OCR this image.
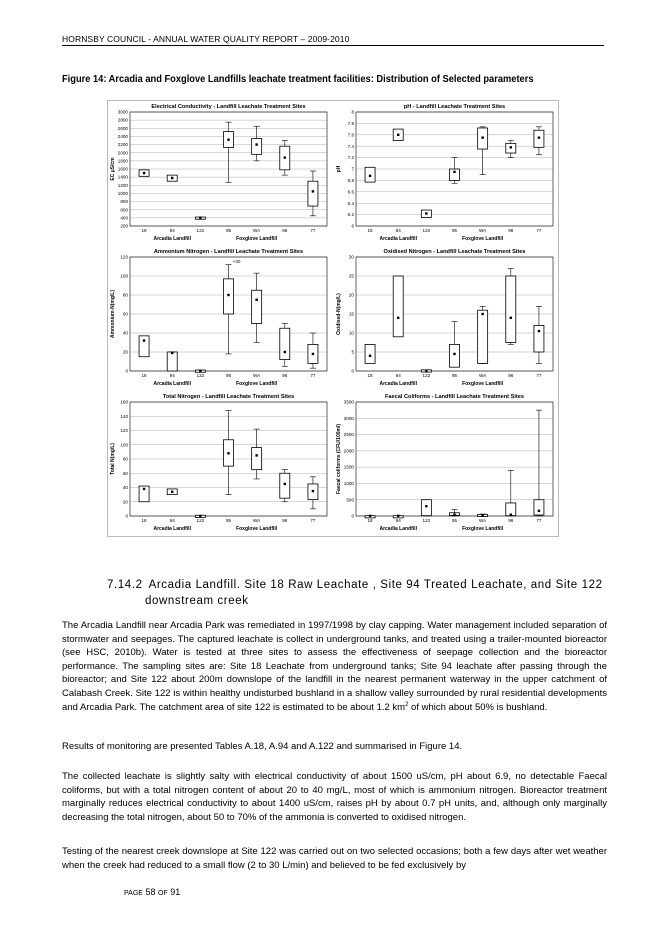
HORNSBY COUNCIL - ANNUAL WATER QUALITY REPORT – 2009-2010
Figure 14: Arcadia and Foxglove Landfills leachate treatment facilities: Distribution of Selected parameters
Electrical Conductivity - Landfill Leachate Treatment Sites
200
400
600
800
1000
1200
1400
1600
1800
2000
2200
2400
2600
2800
3000
EC µS/cm
18	94	122	95	WA	96	77
Arcadia Landfill	Foxglove Landfill
pH - Landfill Leachate Treatment Sites
6
6.2
6.4
6.6
6.8
7
7.2
7.4
7.6
7.8
8
pH
18	94	122	95	WA	96	77
Arcadia Landfill	Foxglove Landfill
Ammonium Nitrogen - Landfill Leachate Treatment Sites
0
20
40
60
80
100
120
Ammonium-N(mg/L)
18	94	122	95	WA	96	77
+30
Arcadia Landfill	Foxglove Landfill
Oxidised Nitrogen - Landfill Leachate Treatment Sites
0
5
10
15
20
25
30
Oxidised-N(mg/L)
18	94	122	95	WA	96	77
Arcadia Landfill	Foxglove Landfill
Total Nitrogen - Landfill Leachate Treatment Sites
0
20
40
60
80
100
120
140
160
Total N(mg/L)
18	94	122	95	WA	96	77
Arcadia Landfill	Foxglove Landfill
Faecal Coliforms - Landfill Leachate Treatment Sites
0
500
1000
1500
2000
2500
3000
3500
Faecal coliforms (CFU/100ml)
18	94	122	95	WA	96	77
Arcadia Landfill	Foxglove Landfill
7.14.2 Arcadia Landfill. Site 18 Raw Leachate , Site 94 Treated Leachate, and Site 122
downstream creek
The Arcadia Landfill near Arcadia Park was remediated in 1997/1998 by clay capping. Water management included separation of stormwater and seepages. The captured leachate is collect in underground tanks, and treated using a trailer-mounted bioreactor (see HSC, 2010b). Water is tested at three sites to assess the effectiveness of seepage collection and the bioreactor performance. The sampling sites are: Site 18 Leachate from underground tanks; Site 94 leachate after passing through the bioreactor; and Site 122 about 200m downslope of the landfill in the nearest permanent waterway in the upper catchment of Calabash Creek. Site 122 is within healthy undisturbed bushland in a shallow valley surrounded by rural residential developments and Arcadia Park. The catchment area of site 122 is estimated to be about 1.2 $km^2$ of which about 50% is bushland.
Results of monitoring are presented Tables A.18, A.94 and A.122 and summarised in Figure 14.
The collected leachate is slightly salty with electrical conductivity of about 1500 uS/cm, pH about 6.9, no detectable Faecal coliforms, but with a total nitrogen content of about 20 to 40 mg/L, most of which is ammonium nitrogen. Bioreactor treatment marginally reduces electrical conductivity to about 1400 uS/cm, raises pH by about 0.7 pH units, and, although only marginally decreasing the total nitrogen, about 50 to 70% of the ammonia is converted to oxidised nitrogen.
Testing of the nearest creek downslope at Site 122 was carried out on two selected occasions; both a few days after wet weather when the creek had reduced to a small flow (2 to 30 L/min) and believed to be fed exclusively by
PAGE 58 OF 91
